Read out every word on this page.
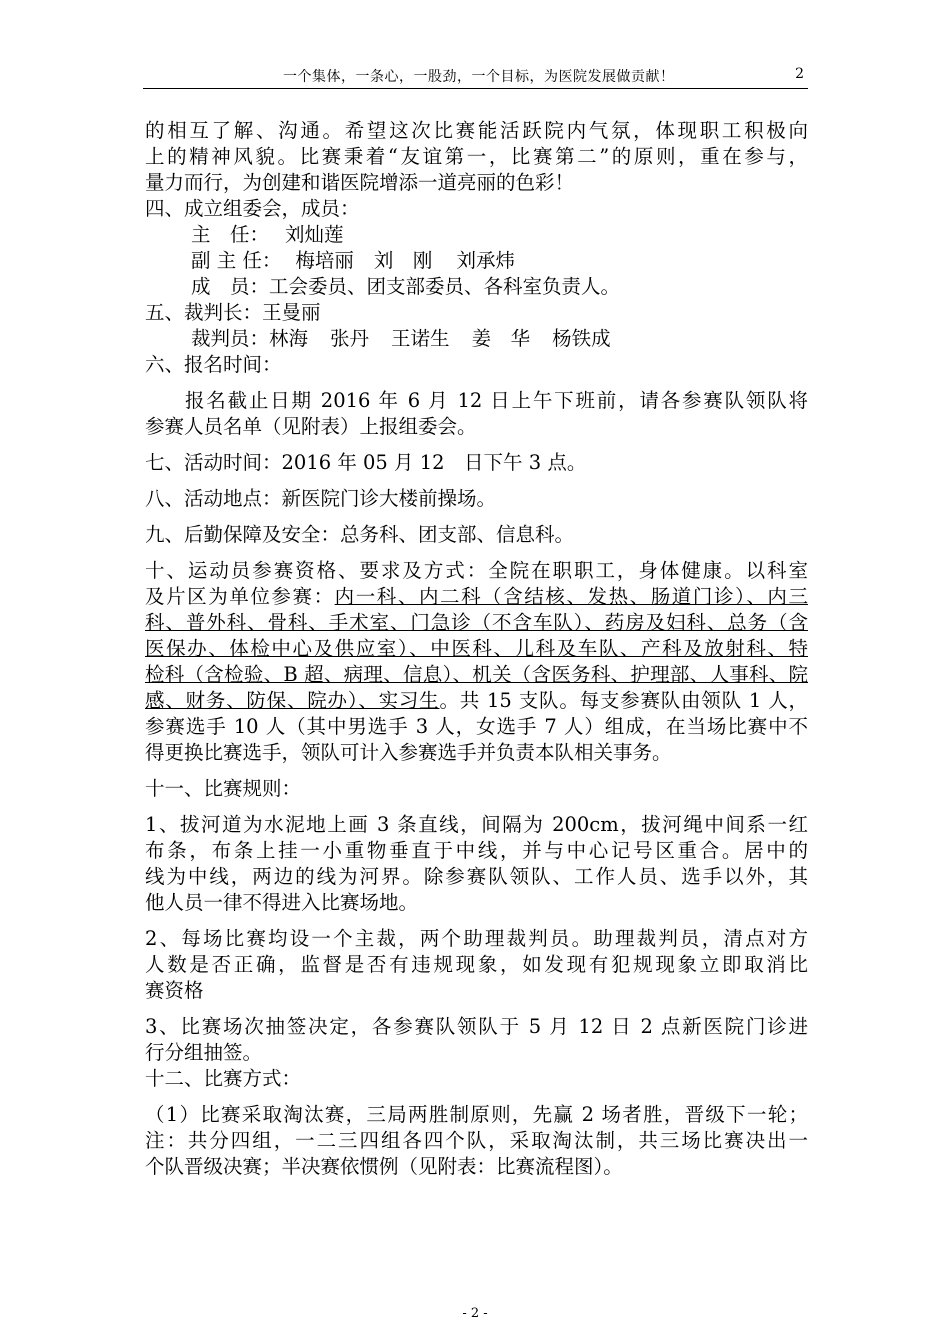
一个集体，一条心，一股劲，一个目标，为医院发展做贡献！	2

的相互了解、沟通。希望这次比赛能活跃院内气氛，体现职工积极向

上的精神风貌。比赛秉着“友谊第一，比赛第二”的原则，重在参与，

量力而行，为创建和谐医院增添一道亮丽的色彩！

四、成立组委会，成员：

主　任： 刘灿莲

副 主 任： 梅培丽 刘　刚 刘承炜

成　员：工会委员、团支部委员、各科室负责人。

五、裁判长：王曼丽

裁判员：林海 张丹 王诺生 姜　华 杨铁成

六、报名时间：

报名截止日期 2016 年 6 月 12 日上午下班前，请各参赛队领队将

参赛人员名单（见附表）上报组委会。

七、活动时间：2016 年 05 月 12　日下午 3 点。

八、活动地点：新医院门诊大楼前操场。

九、后勤保障及安全：总务科、团支部、信息科。

十、运动员参赛资格、要求及方式：全院在职职工，身体健康。以科室

及片区为单位参赛：内一科、内二科（含结核、发热、肠道门诊）、内三

科、普外科、骨科、手术室、门急诊（不含车队）、药房及妇科、总务（含

医保办、体检中心及供应室）、中医科、儿科及车队、产科及放射科、特

检科（含检验、B 超、病理、信息）、机关（含医务科、护理部、人事科、院

感、财务、防保、院办）、实习生。共 15 支队。每支参赛队由领队 1 人，

参赛选手 10 人（其中男选手 3 人，女选手 7 人）组成，在当场比赛中不

得更换比赛选手，领队可计入参赛选手并负责本队相关事务。

十一、比赛规则：

1、拔河道为水泥地上画 3 条直线，间隔为 200cm，拔河绳中间系一红

布条，布条上挂一小重物垂直于中线，并与中心记号区重合。居中的

线为中线，两边的线为河界。除参赛队领队、工作人员、选手以外，其

他人员一律不得进入比赛场地。

2、每场比赛均设一个主裁，两个助理裁判员。助理裁判员，清点对方

人数是否正确，监督是否有违规现象，如发现有犯规现象立即取消比

赛资格

3、比赛场次抽签决定，各参赛队领队于 5 月 12 日 2 点新医院门诊进

行分组抽签。

十二、比赛方式：

（1）比赛采取淘汰赛，三局两胜制原则，先赢 2 场者胜，晋级下一轮；

注：共分四组，一二三四组各四个队，采取淘汰制，共三场比赛决出一

个队晋级决赛；半决赛依惯例（见附表：比赛流程图）。

- 2 -
